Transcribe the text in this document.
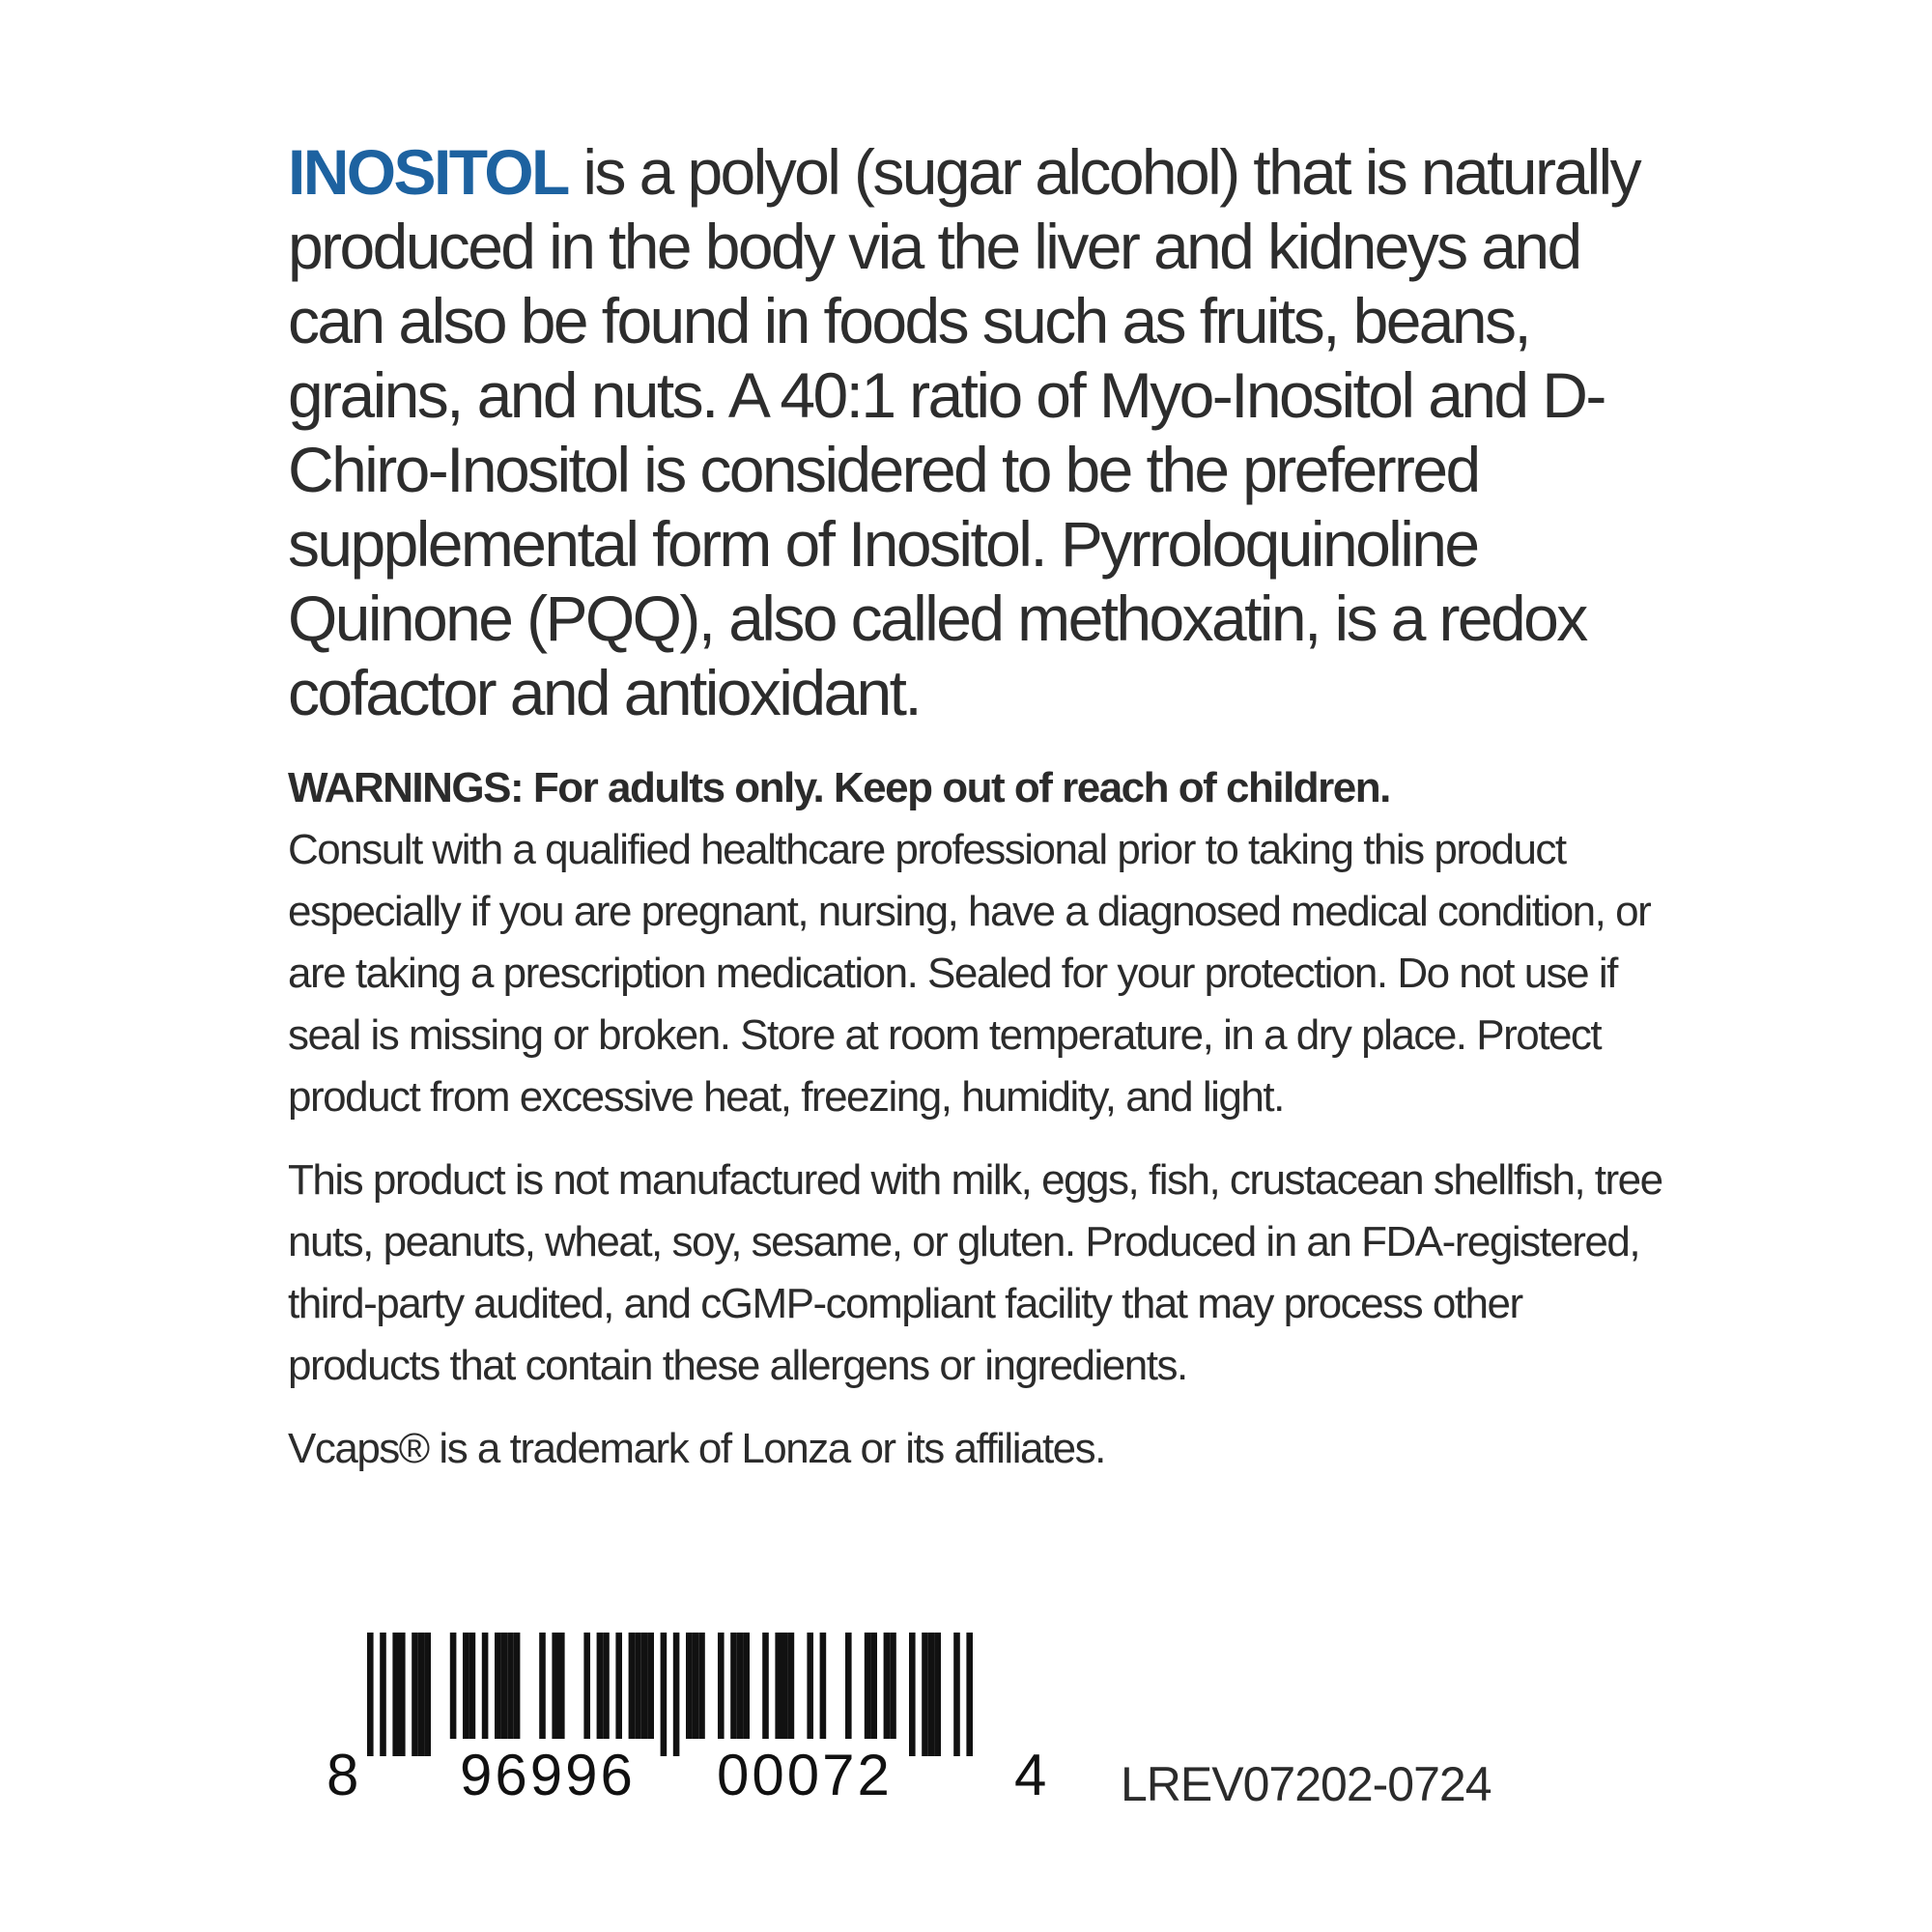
INOSITOL is a polyol (sugar alcohol) that is naturally produced in the body via the liver and kidneys and can also be found in foods such as fruits, beans, grains, and nuts. A 40:1 ratio of Myo-Inositol and D-Chiro-Inositol is considered to be the preferred supplemental form of Inositol. Pyrroloquinoline Quinone (PQQ), also called methoxatin, is a redox cofactor and antioxidant.

WARNINGS: For adults only. Keep out of reach of children.
Consult with a qualified healthcare professional prior to taking this product especially if you are pregnant, nursing, have a diagnosed medical condition, or are taking a prescription medication. Sealed for your protection. Do not use if seal is missing or broken. Store at room temperature, in a dry place. Protect product from excessive heat, freezing, humidity, and light.

This product is not manufactured with milk, eggs, fish, crustacean shellfish, tree nuts, peanuts, wheat, soy, sesame, or gluten. Produced in an FDA-registered, third-party audited, and cGMP-compliant facility that may process other products that contain these allergens or ingredients.

Vcaps® is a trademark of Lonza or its affiliates.

8 96996 00072 4 LREV07202-0724
